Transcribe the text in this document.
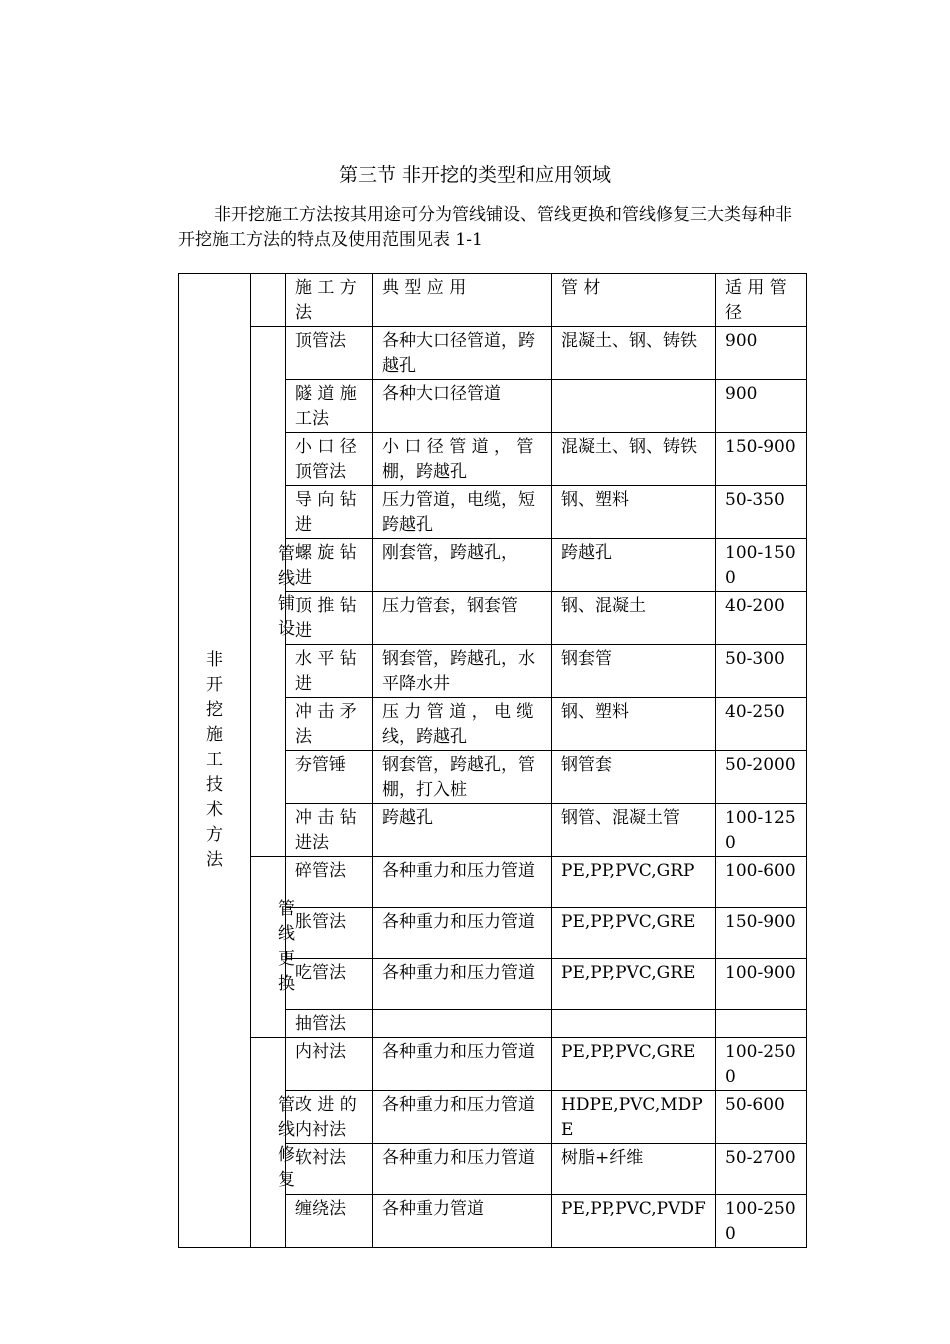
第三节 非开挖的类型和应用领域

非开挖施工方法按其用途可分为管线铺设、管线更换和管线修复三大类每种非开挖施工方法的特点及使用范围见表 1-1

非开挖施工技术方法		施 工 方法	典 型 应 用	管 材	适 用 管 径

	管线铺设	顶管法	各种大口径管道，跨越孔	混凝土、钢、铸铁	900
		隧 道 施 工法	各种大口径管道		900
		小 口 径 顶管法	小 口 径 管 道 ， 管 棚，跨越孔	混凝土、钢、铸铁	150-900
		导 向 钻 进	压力管道，电缆，短跨越孔	钢、塑料	50-350
		螺 旋 钻 进	刚套管，跨越孔，	跨越孔	100-1500
		顶 推 钻 进	压力管套，钢套管	钢、混凝土	40-200
		水 平 钻 进	钢套管，跨越孔，水平降水井	钢套管	50-300
		冲 击 矛 法	压 力 管 道 ， 电 缆 线，跨越孔	钢、塑料	40-250
		夯管锤	钢套管，跨越孔，管棚，打入桩	钢管套	50-2000
		冲 击 钻 进法	跨越孔	钢管、混凝土管	100-1250

	管线更换	碎管法	各种重力和压力管道	PE,PP,PVC,GRP	100-600
		胀管法	各种重力和压力管道	PE,PP,PVC,GRE	150-900
		吃管法	各种重力和压力管道	PE,PP,PVC,GRE	100-900
		抽管法			

	管线修复	内衬法	各种重力和压力管道	PE,PP,PVC,GRE	100-2500
		改 进 的 内衬法	各种重力和压力管道	HDPE,PVC,MDPE	50-600
		软衬法	各种重力和压力管道	树脂+纤维	50-2700
		缠绕法	各种重力管道	PE,PP,PVC,PVDF	100-2500
